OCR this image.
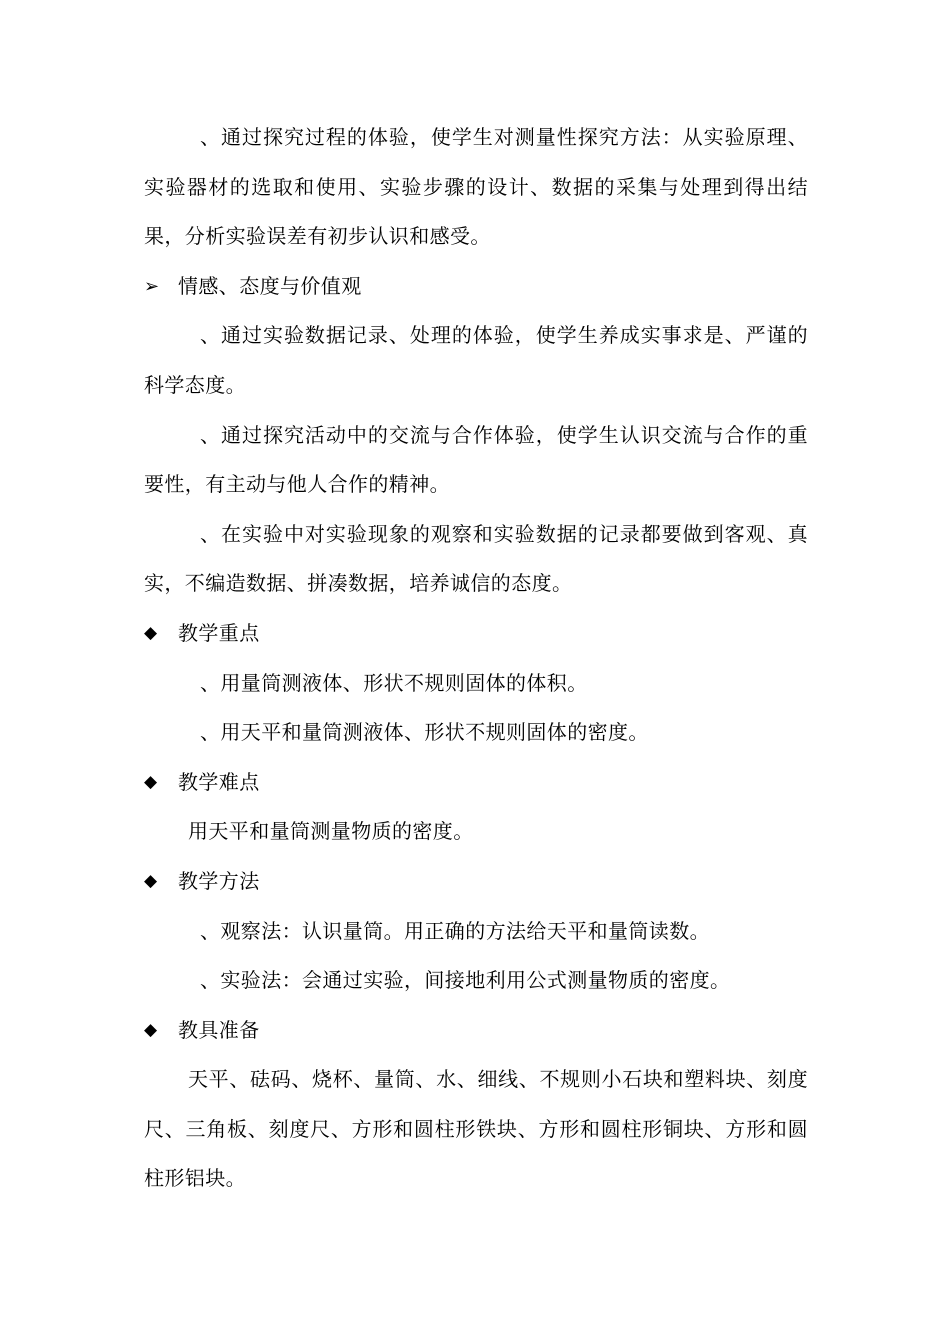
、通过探究过程的体验，使学生对测量性探究方法：从实验原理、实验器材的选取和使用、实验步骤的设计、数据的采集与处理到得出结果，分析实验误差有初步认识和感受。

➢ 情感、态度与价值观

、通过实验数据记录、处理的体验，使学生养成实事求是、严谨的科学态度。

、通过探究活动中的交流与合作体验，使学生认识交流与合作的重要性，有主动与他人合作的精神。

、在实验中对实验现象的观察和实验数据的记录都要做到客观、真实，不编造数据、拼凑数据，培养诚信的态度。

◆	教学重点

、用量筒测液体、形状不规则固体的体积。

、用天平和量筒测液体、形状不规则固体的密度。

◆	教学难点

用天平和量筒测量物质的密度。

◆	教学方法

、观察法：认识量筒。用正确的方法给天平和量筒读数。

、实验法：会通过实验，间接地利用公式测量物质的密度。

◆	教具准备

天平、砝码、烧杯、量筒、水、细线、不规则小石块和塑料块、刻度尺、三角板、刻度尺、方形和圆柱形铁块、方形和圆柱形铜块、方形和圆柱形铝块。
